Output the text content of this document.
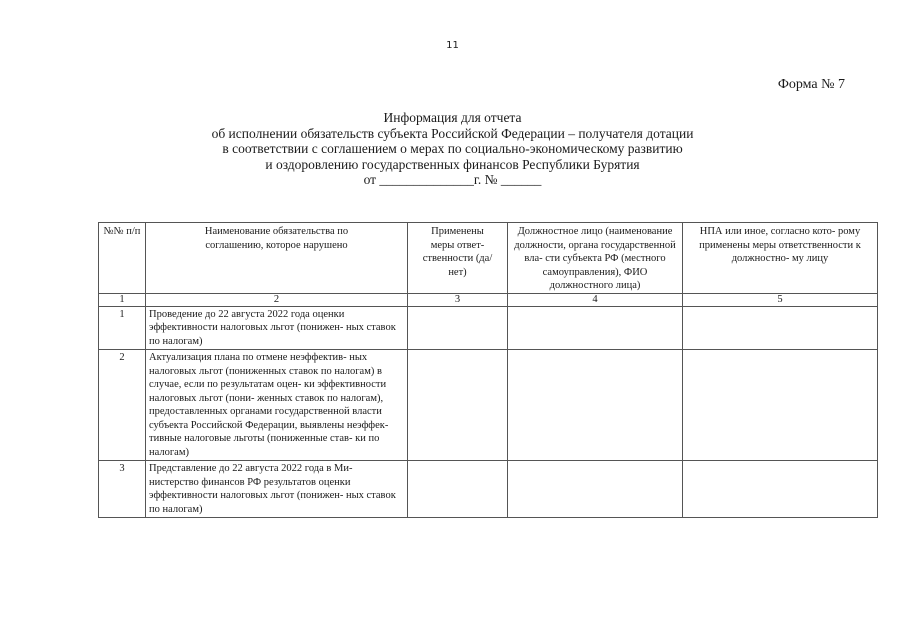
11
Форма № 7
Информация для отчета
об исполнении обязательств субъекта Российской Федерации – получателя дотации
в соответствии с соглашением о мерах по социально-экономическому развитию
и оздоровлению государственных финансов Республики Бурятия
от ______________г. № ______
№№ п/п	Наименование обязательства по соглашению, которое нарушено	Применены меры ответ- ственности (да/нет)	Должностное лицо (наименование должности, органа государственной вла- сти субъекта РФ (местного самоуправления), ФИО должностного лица)	НПА или иное, согласно кото- рому применены меры ответственности к должностно- му лицу
1	2	3	4	5
1	Проведение до 22 августа 2022 года оценки эффективности налоговых льгот (понижен- ных ставок по налогам)			
2	Актуализация плана по отмене неэффектив- ных налоговых льгот (пониженных ставок по налогам) в случае, если по результатам оцен- ки эффективности налоговых льгот (пони- женных ставок по налогам), предоставленных органами государственной власти субъекта Российской Федерации, выявлены неэффек- тивные налоговые льготы (пониженные став- ки по налогам)			
3	Представление до 22 августа 2022 года в Ми- нистерство финансов РФ результатов оценки эффективности налоговых льгот (понижен- ных ставок по налогам)			
